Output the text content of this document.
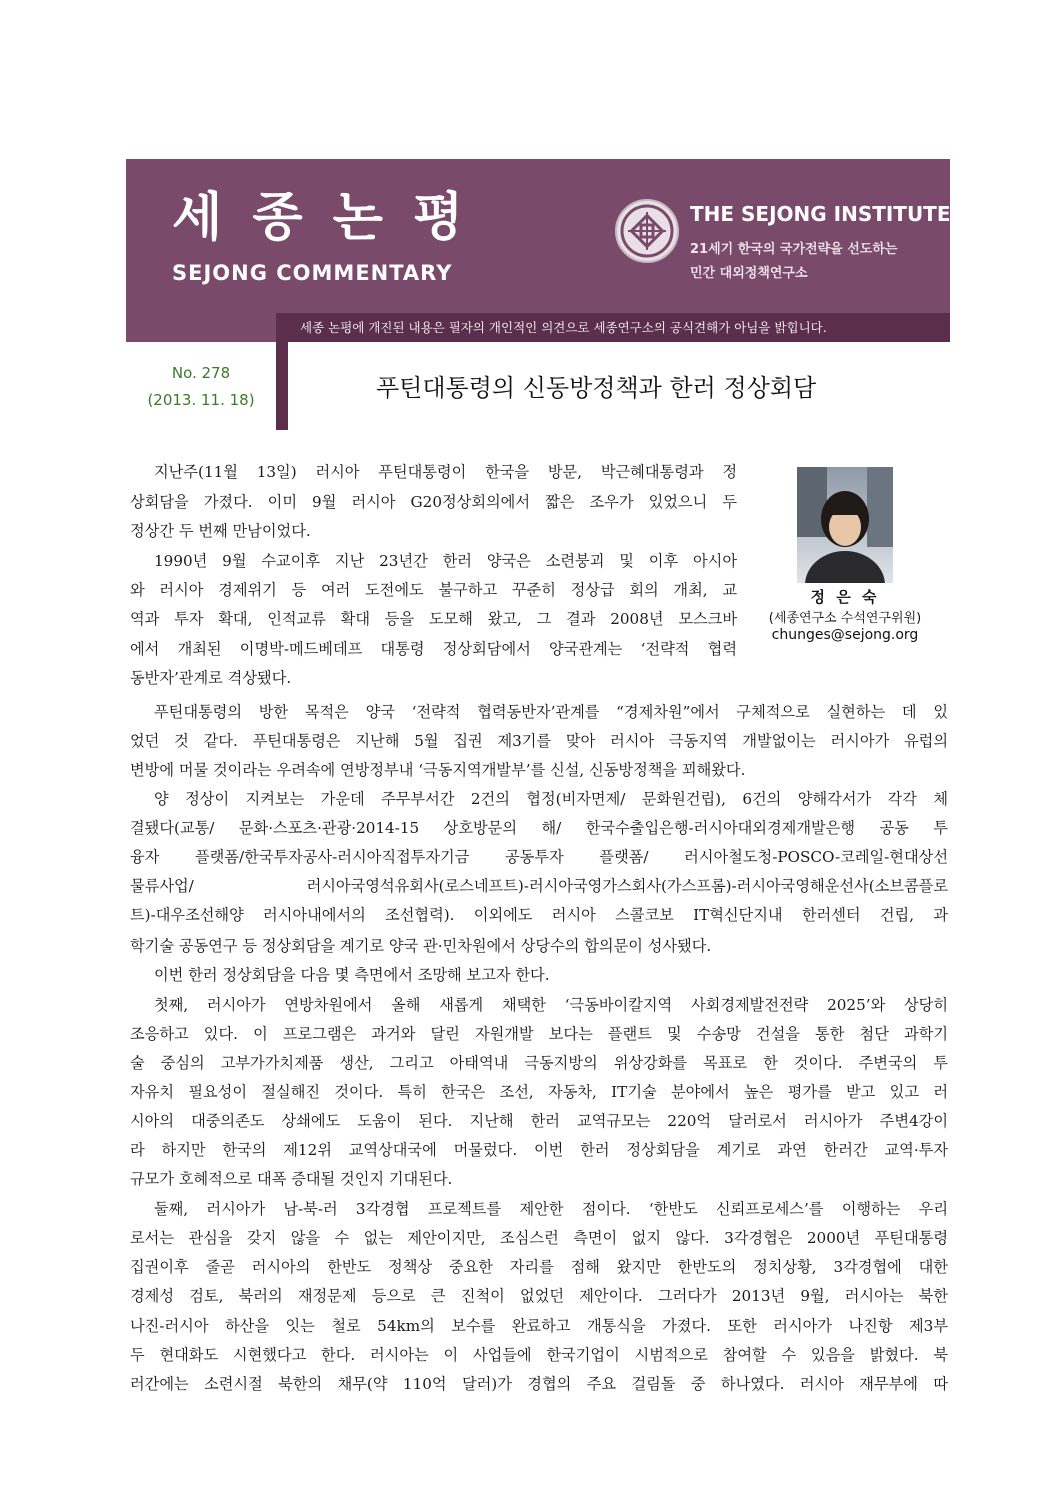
세 종 논 평
SEJONG COMMENTARY
THE SEJONG INSTITUTE
21세기 한국의 국가전략을 선도하는
민간 대외정책연구소
세종 논평에 개진된 내용은 필자의 개인적인 의견으로 세종연구소의 공식견해가 아님을 밝힙니다.
No. 278
(2013. 11. 18)	푸틴대통령의 신동방정책과 한러 정상회담
정 은 숙
(세종연구소 수석연구위원)
chunges@sejong.org
지난주(11월 13일) 러시아 푸틴대통령이 한국을 방문, 박근혜대통령과 정
상회담을 가졌다. 이미 9월 러시아 G20정상회의에서 짧은 조우가 있었으니 두
정상간 두 번째 만남이었다.
1990년 9월 수교이후 지난 23년간 한러 양국은 소련붕괴 및 이후 아시아
와 러시아 경제위기 등 여러 도전에도 불구하고 꾸준히 정상급 회의 개최, 교
역과 투자 확대, 인적교류 확대 등을 도모해 왔고, 그 결과 2008년 모스크바
에서 개최된 이명박-메드베데프 대통령 정상회담에서 양국관계는 ‘전략적 협력
동반자’관계로 격상됐다.
푸틴대통령의 방한 목적은 양국 ‘전략적 협력동반자’관계를 “경제차원”에서 구체적으로 실현하는 데 있
었던 것 같다. 푸틴대통령은 지난해 5월 집권 제3기를 맞아 러시아 극동지역 개발없이는 러시아가 유럽의
변방에 머물 것이라는 우려속에 연방정부내 ‘극동지역개발부’를 신설, 신동방정책을 꾀해왔다.
양 정상이 지켜보는 가운데 주무부서간 2건의 협정(비자면제/ 문화원건립), 6건의 양해각서가 각각 체
결됐다(교통/ 문화·스포츠·관광·2014-15 상호방문의 해/ 한국수출입은행-러시아대외경제개발은행 공동 투
융자 플랫폼/한국투자공사-러시아직접투자기금 공동투자 플랫폼/ 러시아철도청-POSCO-코레일-현대상선
물류사업/ 러시아국영석유회사(로스네프트)-러시아국영가스회사(가스프롬)-러시아국영해운선사(소브콤플로
트)-대우조선해양 러시아내에서의 조선협력). 이외에도 러시아 스콜코보 IT혁신단지내 한러센터 건립, 과
학기술 공동연구 등 정상회담을 계기로 양국 관·민차원에서 상당수의 합의문이 성사됐다.
이번 한러 정상회담을 다음 몇 측면에서 조망해 보고자 한다.
첫째, 러시아가 연방차원에서 올해 새롭게 채택한 ‘극동바이칼지역 사회경제발전전략 2025’와 상당히
조응하고 있다. 이 프로그램은 과거와 달린 자원개발 보다는 플랜트 및 수송망 건설을 통한 첨단 과학기
술 중심의 고부가가치제품 생산, 그리고 아태역내 극동지방의 위상강화를 목표로 한 것이다. 주변국의 투
자유치 필요성이 절실해진 것이다. 특히 한국은 조선, 자동차, IT기술 분야에서 높은 평가를 받고 있고 러
시아의 대중의존도 상쇄에도 도움이 된다. 지난해 한러 교역규모는 220억 달러로서 러시아가 주변4강이
라 하지만 한국의 제12위 교역상대국에 머물렀다. 이번 한러 정상회담을 계기로 과연 한러간 교역·투자
규모가 호혜적으로 대폭 증대될 것인지 기대된다.
둘째, 러시아가 남-북-러 3각경협 프로젝트를 제안한 점이다. ‘한반도 신뢰프로세스’를 이행하는 우리
로서는 관심을 갖지 않을 수 없는 제안이지만, 조심스런 측면이 없지 않다. 3각경협은 2000년 푸틴대통령
집권이후 줄곧 러시아의 한반도 정책상 중요한 자리를 점해 왔지만 한반도의 정치상황, 3각경협에 대한
경제성 검토, 북러의 재정문제 등으로 큰 진척이 없었던 제안이다. 그러다가 2013년 9월, 러시아는 북한
나진-러시아 하산을 잇는 철로 54km의 보수를 완료하고 개통식을 가졌다. 또한 러시아가 나진항 제3부
두 현대화도 시현했다고 한다. 러시아는 이 사업들에 한국기업이 시범적으로 참여할 수 있음을 밝혔다. 북
러간에는 소련시절 북한의 채무(약 110억 달러)가 경협의 주요 걸림돌 중 하나였다. 러시아 재무부에 따
